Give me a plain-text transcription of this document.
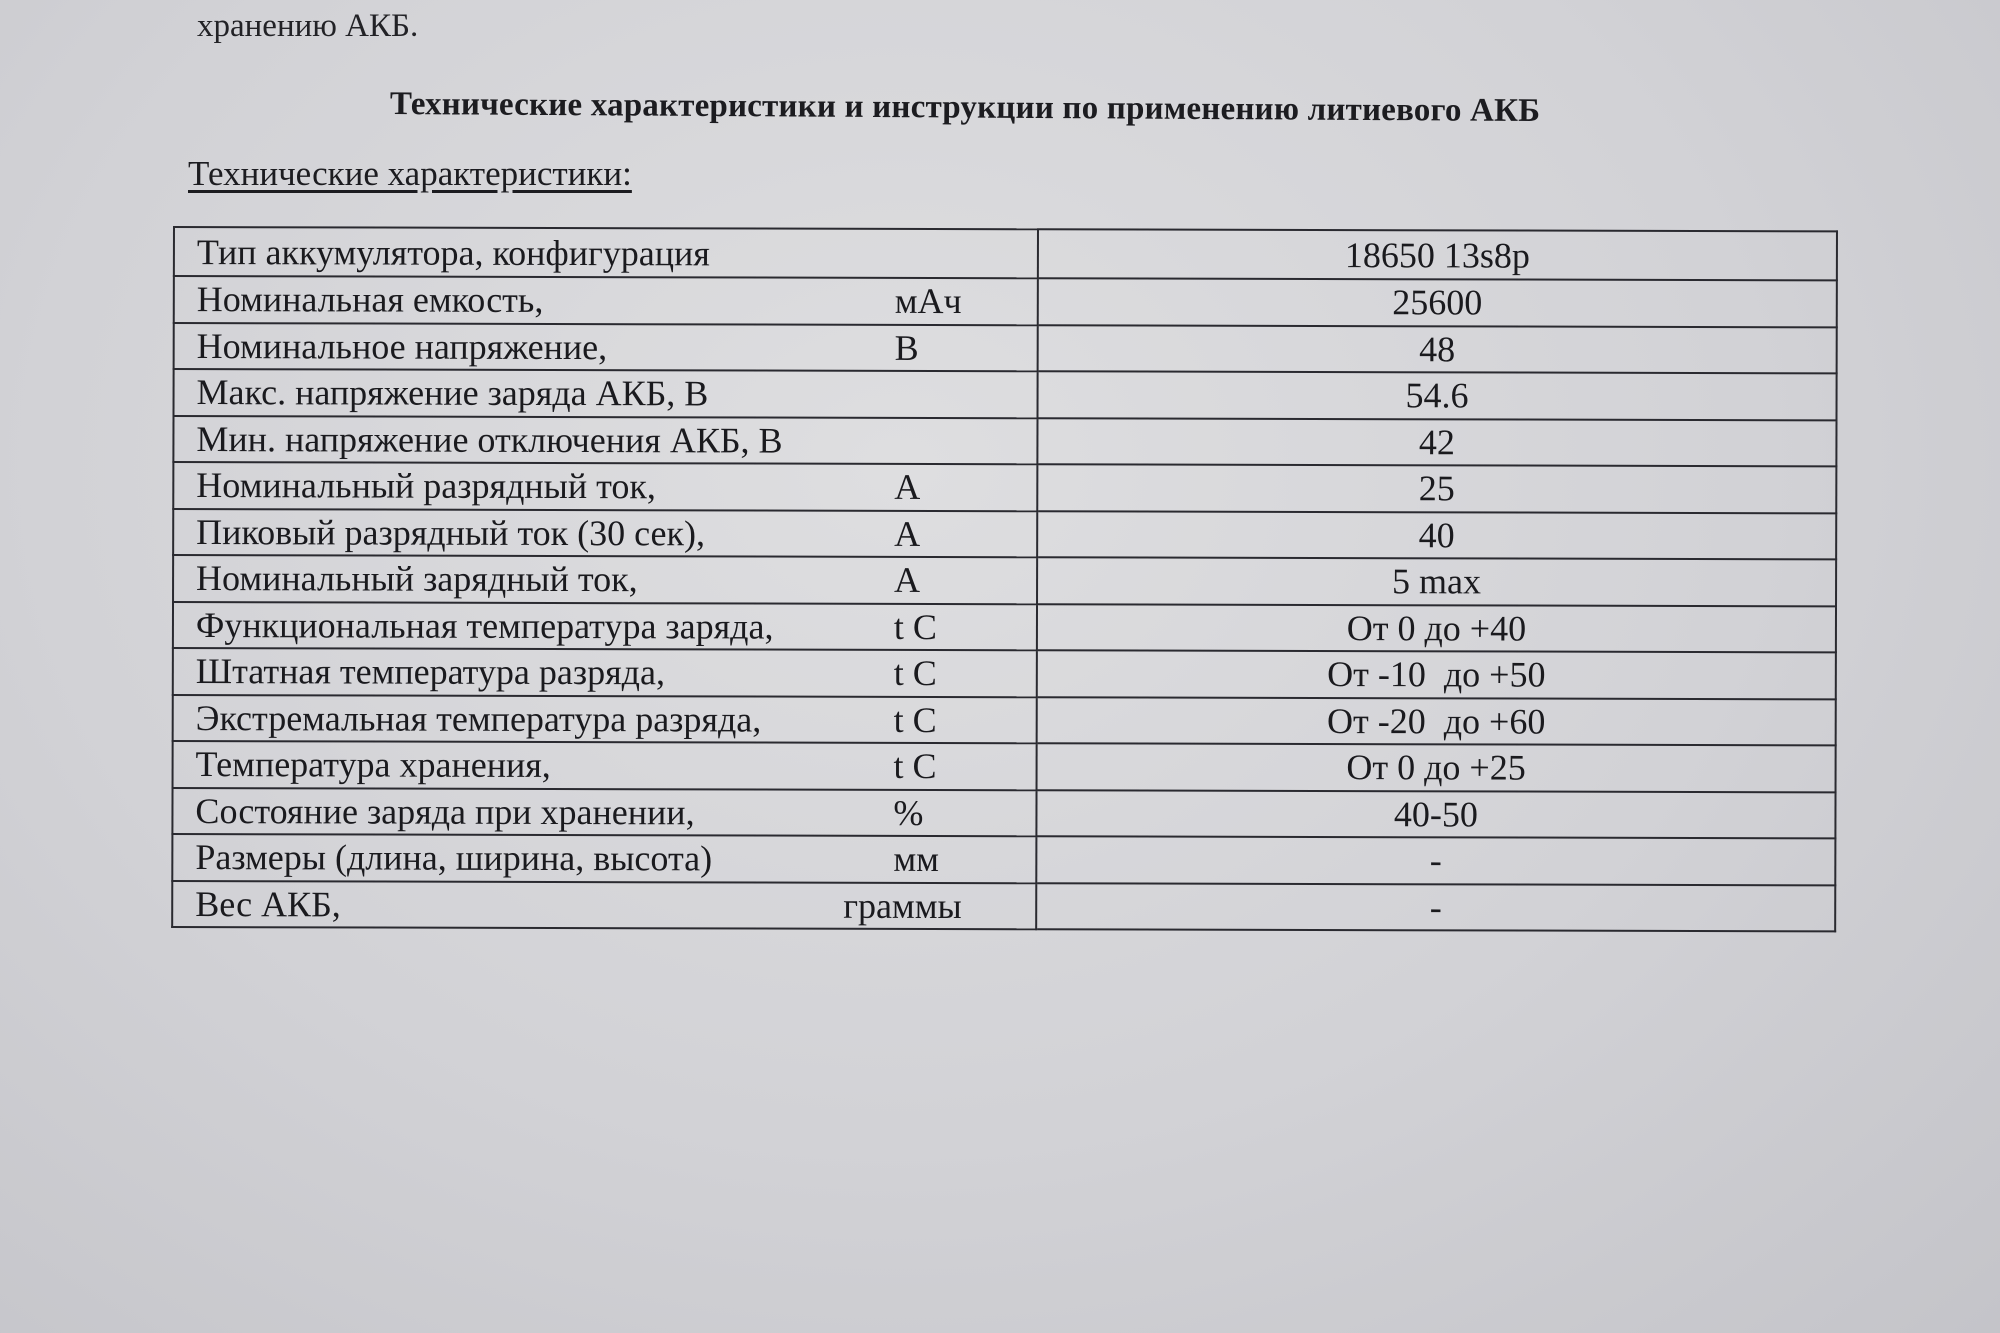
хранению АКБ.
Технические характеристики и инструкции по применению литиевого АКБ
Технические характеристики:
Тип аккумулятора, конфигурация	18650 13s8p
Номинальная емкость, мАч	25600
Номинальное напряжение, В	48
Макс. напряжение заряда АКБ, В	54.6
Мин. напряжение отключения АКБ, В	42
Номинальный разрядный ток, А	25
Пиковый разрядный ток (30 сек), А	40
Номинальный зарядный ток, А	5 max
Функциональная температура заряда, t С	От 0 до +40
Штатная температура разряда, t С	От -10  до +50
Экстремальная температура разряда, t С	От -20  до +60
Температура хранения, t С	От 0 до +25
Состояние заряда при хранении, %	40-50
Размеры (длина, ширина, высота) мм	-
Вес АКБ, граммы	-
